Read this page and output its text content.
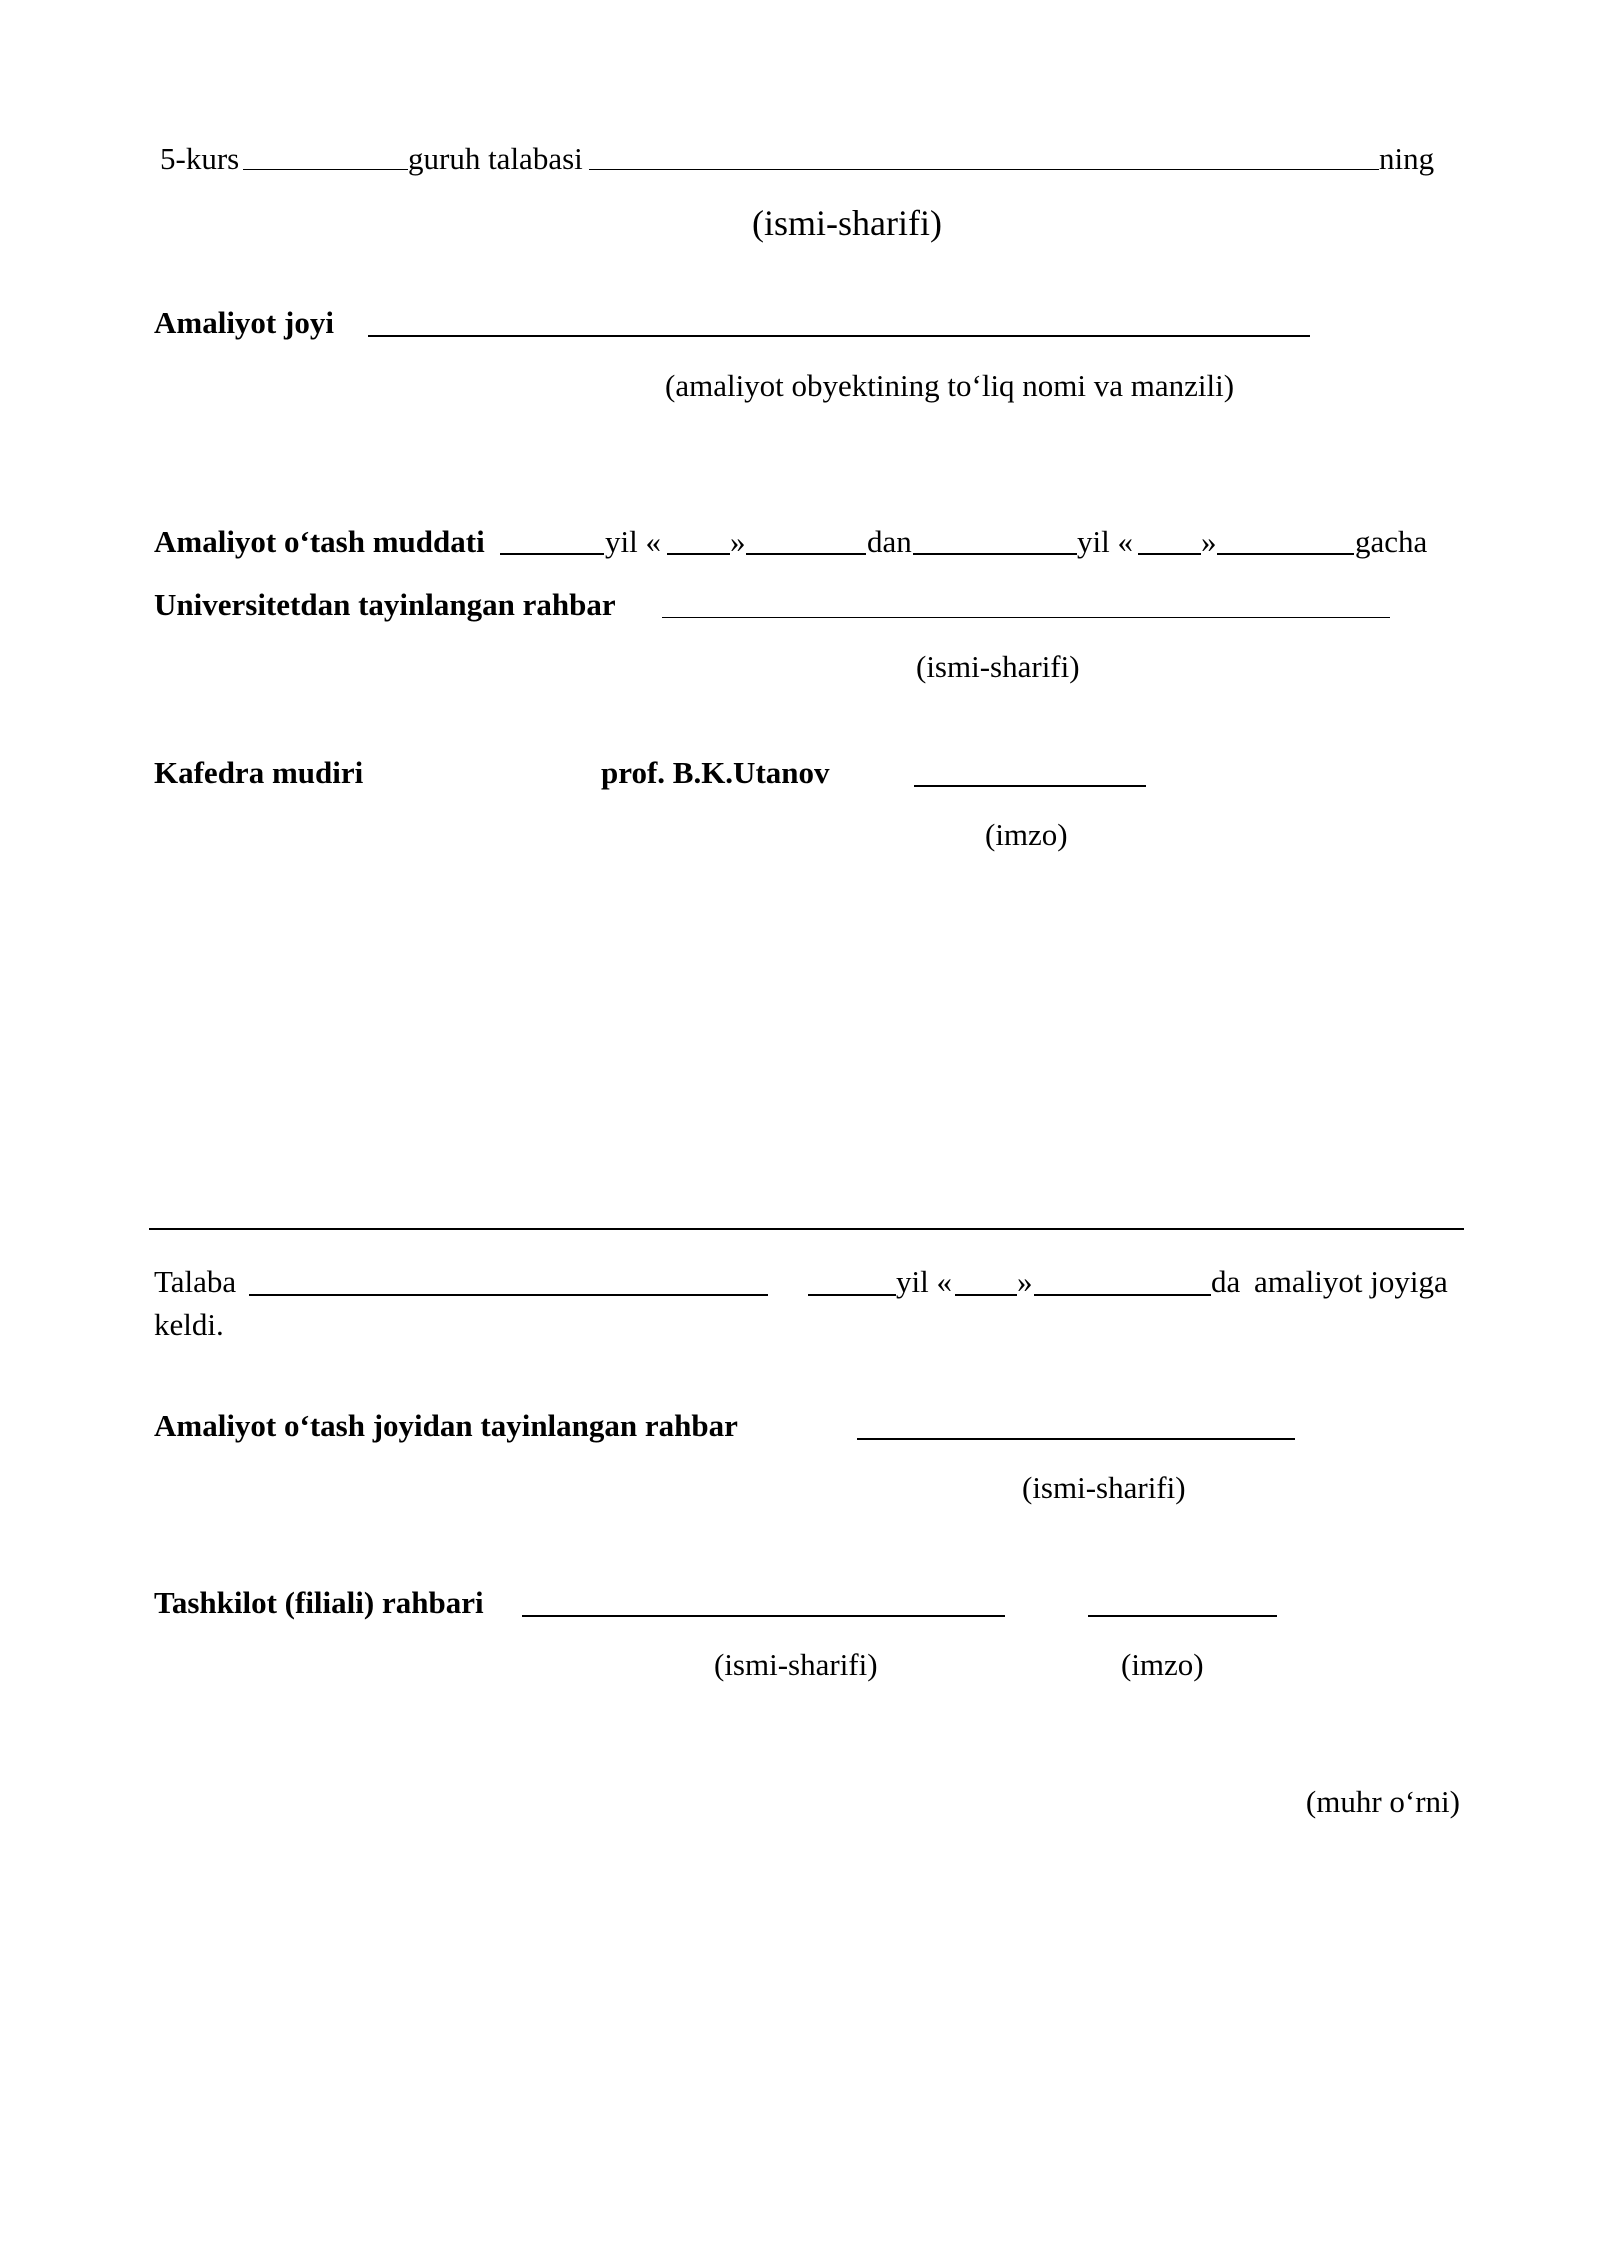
5-kurs	guruh talabasi	ning
(ismi-sharifi)
Amaliyot joyi
(amaliyot obyektining to‘liq nomi va manzili)
Amaliyot o‘tash muddati	yil « »	dan	yil « »	gacha
Universitetdan tayinlangan rahbar
(ismi-sharifi)
Kafedra mudiri	prof. B.K.Utanov
(imzo)
Talaba	yil « »	da amaliyot joyiga
keldi.
Amaliyot o‘tash joyidan tayinlangan rahbar
(ismi-sharifi)
Tashkilot (filiali) rahbari
(ismi-sharifi)	(imzo)
(muhr o‘rni)
